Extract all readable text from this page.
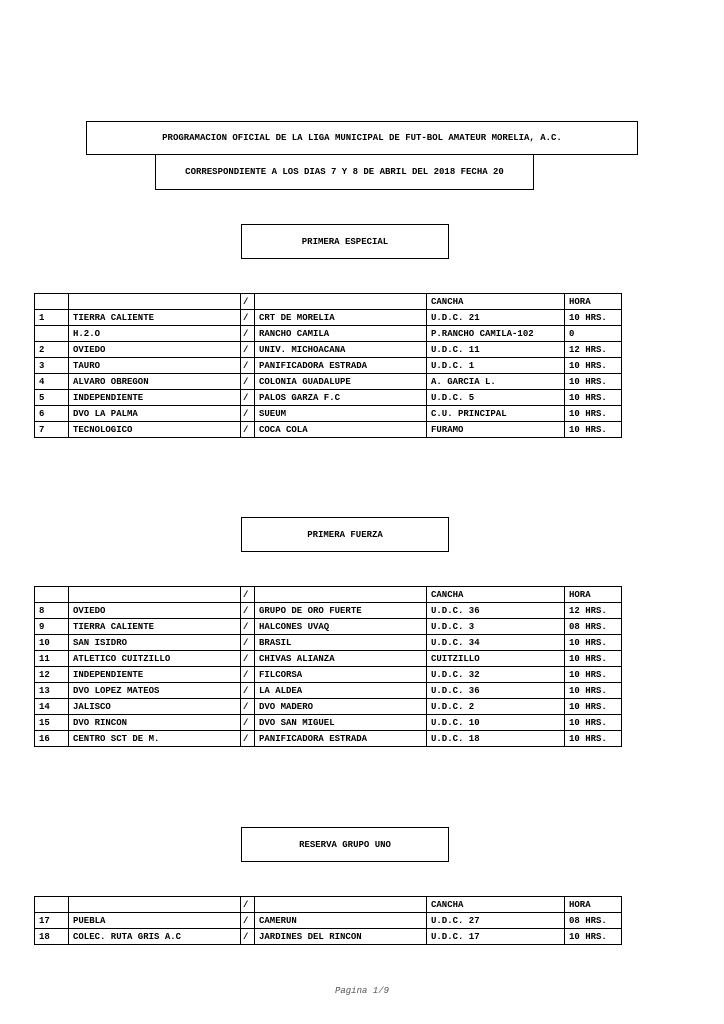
PROGRAMACION OFICIAL DE LA LIGA MUNICIPAL DE FUT-BOL AMATEUR MORELIA, A.C.
CORRESPONDIENTE A LOS DIAS 7 Y 8 DE ABRIL DEL 2018 FECHA 20
PRIMERA ESPECIAL
		/		CANCHA	HORA
1	TIERRA CALIENTE	/	CRT DE MORELIA	U.D.C. 21	10 HRS.
	H.2.O	/	RANCHO CAMILA	P.RANCHO CAMILA-102	0
2	OVIEDO	/	UNIV. MICHOACANA	U.D.C. 11	12 HRS.
3	TAURO	/	PANIFICADORA ESTRADA	U.D.C. 1	10 HRS.
4	ALVARO OBREGON	/	COLONIA GUADALUPE	A. GARCIA L.	10 HRS.
5	INDEPENDIENTE	/	PALOS GARZA F.C	U.D.C. 5	10 HRS.
6	DVO LA PALMA	/	SUEUM	C.U. PRINCIPAL	10 HRS.
7	TECNOLOGICO	/	COCA COLA	FURAMO	10 HRS.
PRIMERA FUERZA
		/		CANCHA	HORA
8	OVIEDO	/	GRUPO DE ORO FUERTE	U.D.C. 36	12 HRS.
9	TIERRA CALIENTE	/	HALCONES UVAQ	U.D.C. 3	08 HRS.
10	SAN ISIDRO	/	BRASIL	U.D.C. 34	10 HRS.
11	ATLETICO CUITZILLO	/	CHIVAS ALIANZA	CUITZILLO	10 HRS.
12	INDEPENDIENTE	/	FILCORSA	U.D.C. 32	10 HRS.
13	DVO LOPEZ MATEOS	/	LA ALDEA	U.D.C. 36	10 HRS.
14	JALISCO	/	DVO MADERO	U.D.C. 2	10 HRS.
15	DVO RINCON	/	DVO SAN MIGUEL	U.D.C. 10	10 HRS.
16	CENTRO SCT DE M.	/	PANIFICADORA ESTRADA	U.D.C. 18	10 HRS.
RESERVA GRUPO UNO
		/		CANCHA	HORA
17	PUEBLA	/	CAMERUN	U.D.C. 27	08 HRS.
18	COLEC. RUTA GRIS A.C	/	JARDINES DEL RINCON	U.D.C. 17	10 HRS.
Pagina 1/9
